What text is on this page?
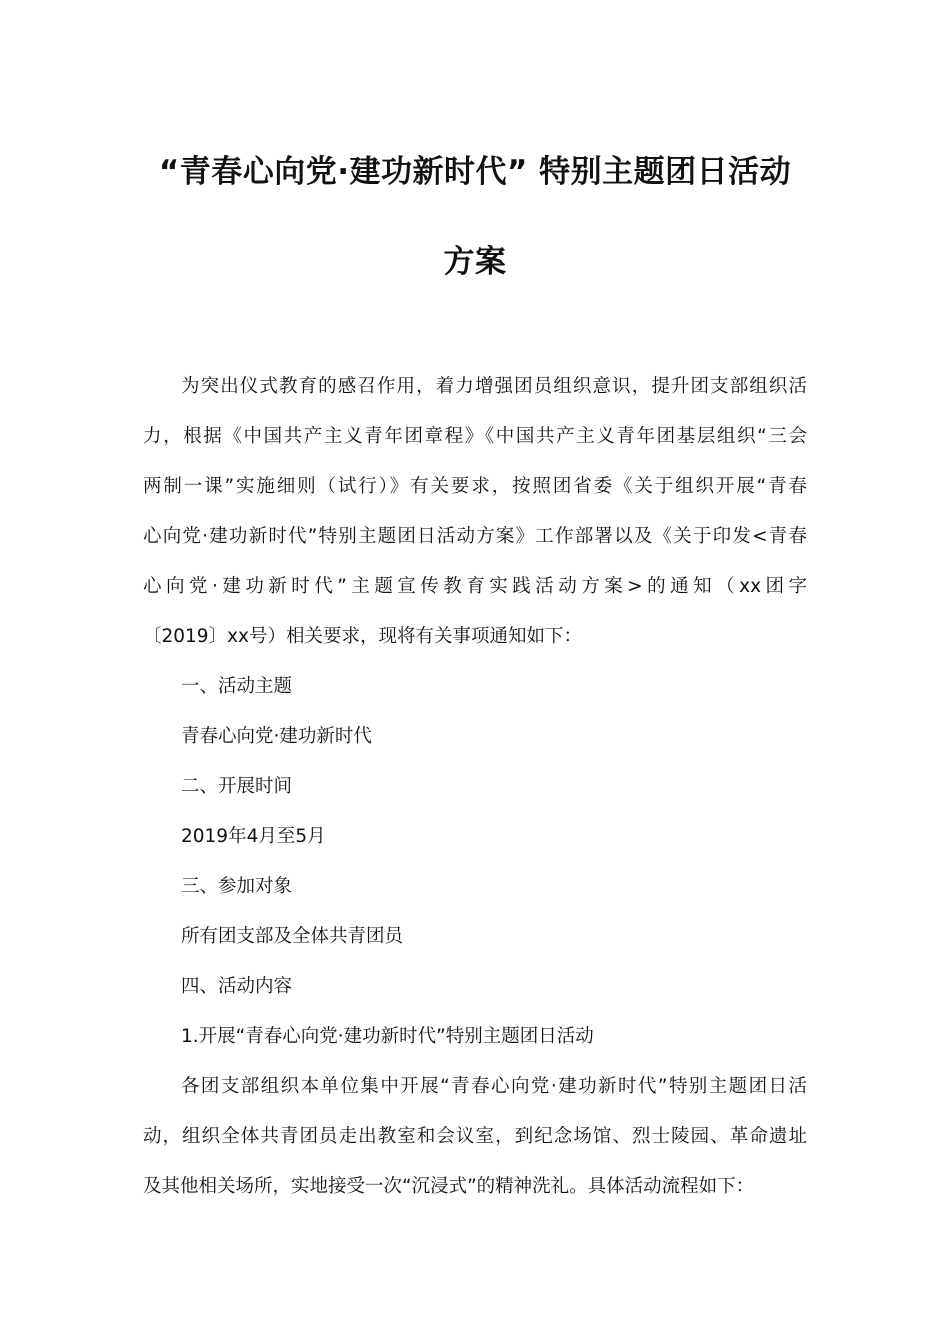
“青春心向党·建功新时代” 特别主题团日活动
方案
为突出仪式教育的感召作用，着力增强团员组织意识，提升团支部组织活
力，根据《中国共产主义青年团章程》《中国共产主义青年团基层组织“三会
两制一课”实施细则（试行）》有关要求，按照团省委《关于组织开展“青春
心向党·建功新时代”特别主题团日活动方案》工作部署以及《关于印发<青春
心向党·建功新时代”主题宣传教育实践活动方案>的通知（xx团字
〔2019〕xx号）相关要求，现将有关事项通知如下：

一、活动主题

青春心向党·建功新时代

二、开展时间

2019年4月至5月

三、参加对象

所有团支部及全体共青团员

四、活动内容

1.开展“青春心向党·建功新时代”特别主题团日活动

各团支部组织本单位集中开展“青春心向党·建功新时代”特别主题团日活
动，组织全体共青团员走出教室和会议室，到纪念场馆、烈士陵园、革命遗址
及其他相关场所，实地接受一次“沉浸式”的精神洗礼。具体活动流程如下：
